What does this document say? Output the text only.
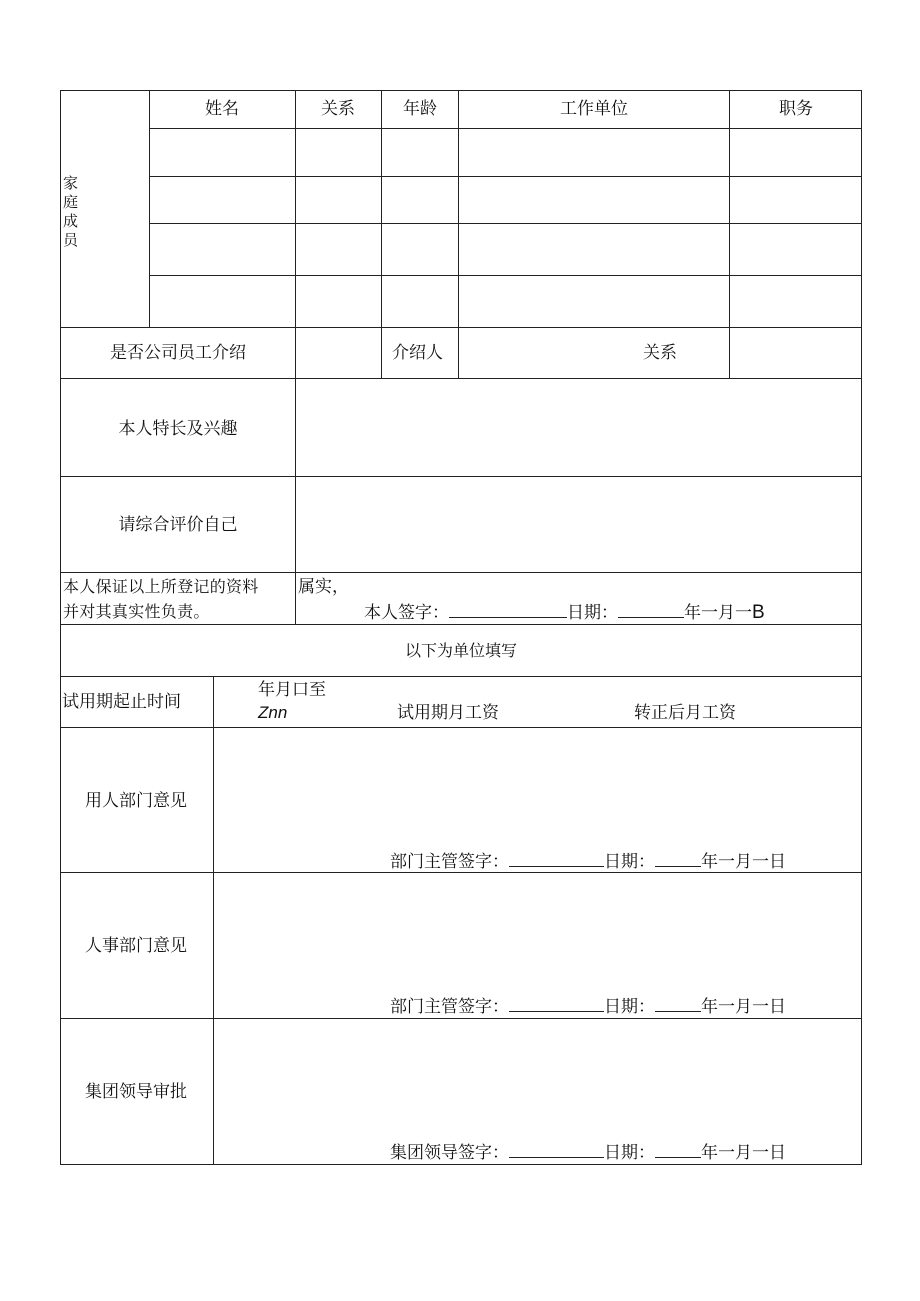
家庭成员
姓名	关系	年龄	工作单位	职务
是否公司员工介绍	介绍人	关系
本人特长及兴趣
请综合评价自己
本人保证以上所登记的资料
并对其真实性负责。
属实，
本人签字：	日期：	年一月一B
以下为单位填写
试用期起止时间
年月口至
Znn	试用期月工资	转正后月工资
用人部门意见
部门主管签字：	日期：	年一月一日
人事部门意见
部门主管签字：	日期：	年一月一日
集团领导审批
集团领导签字：	日期：	年一月一日
